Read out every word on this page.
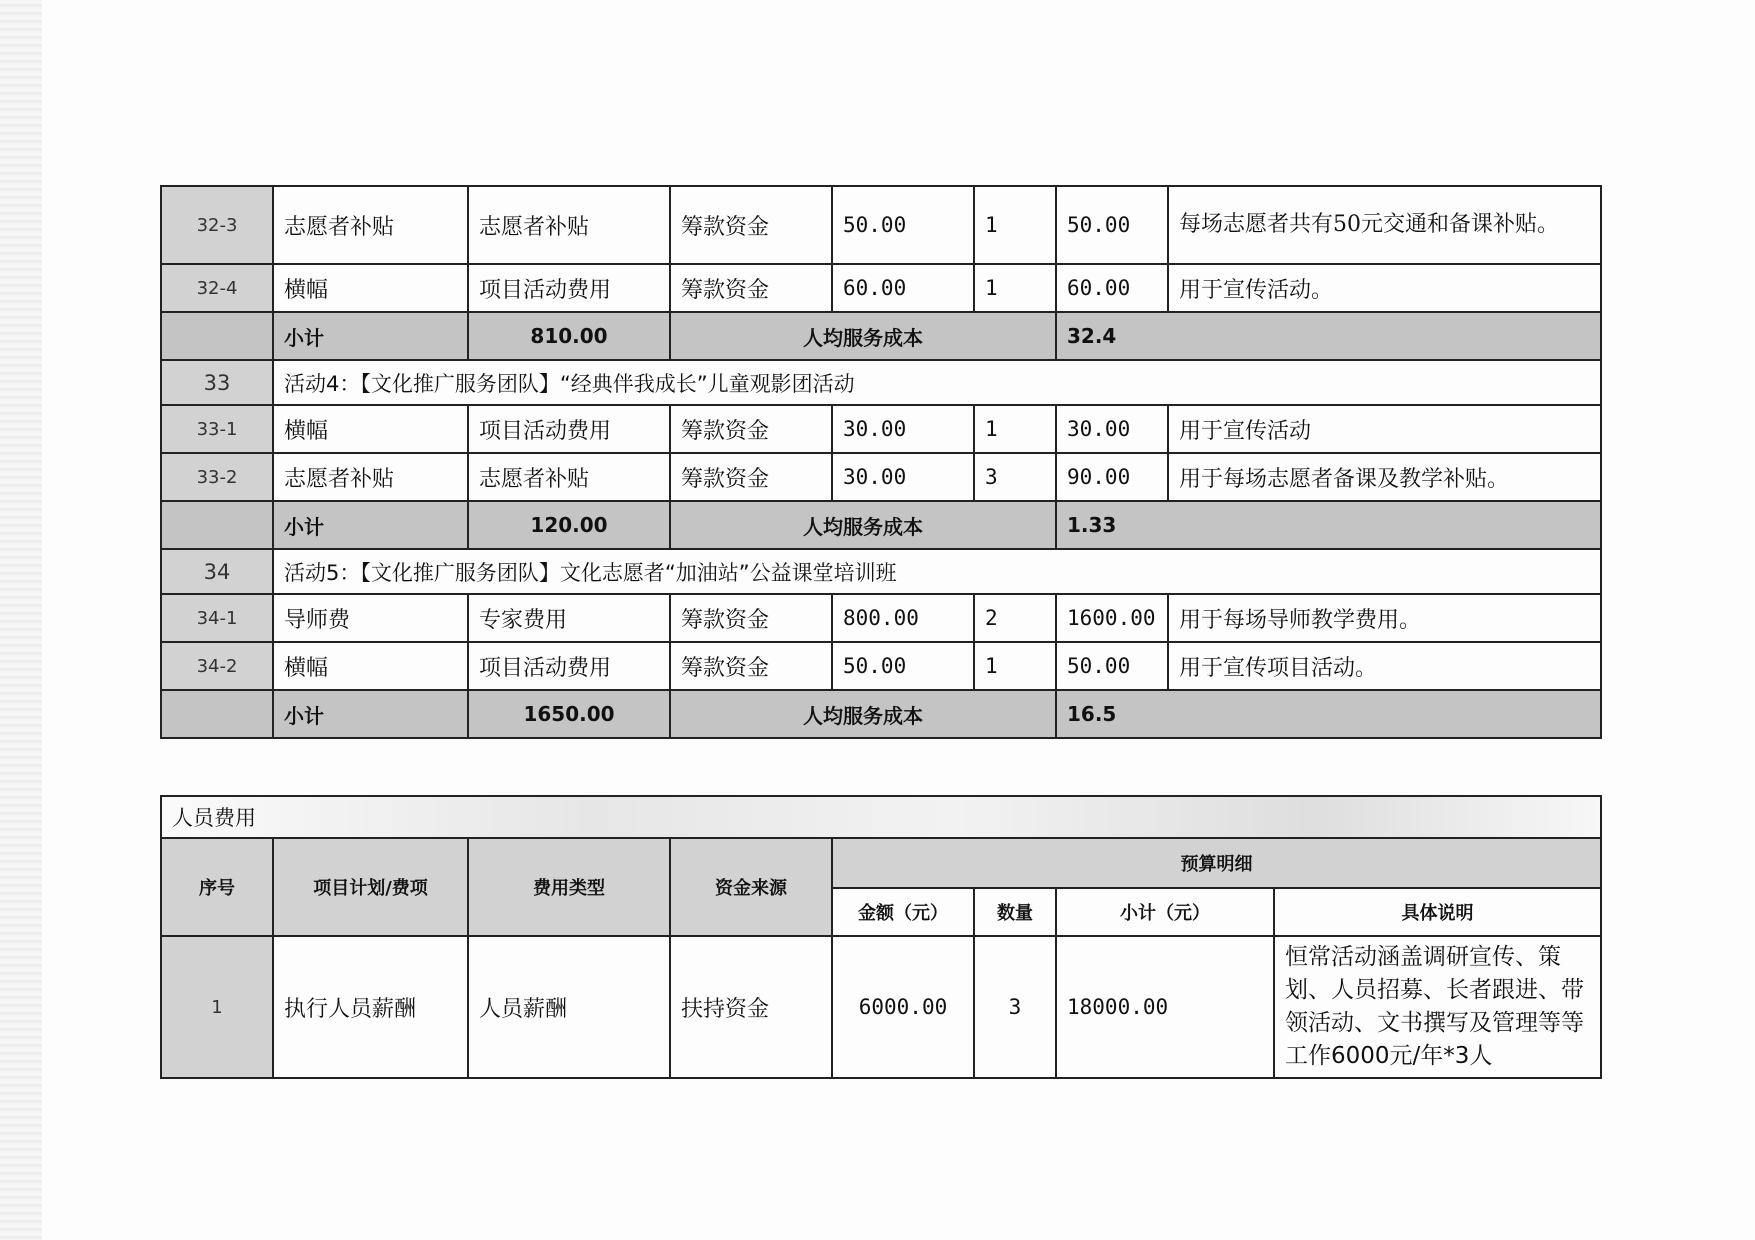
32-3	志愿者补贴	志愿者补贴	筹款资金	50.00	1	50.00	每场志愿者共有50元交通和备课补贴。
32-4	横幅	项目活动费用	筹款资金	60.00	1	60.00	用于宣传活动。
	小计	810.00	人均服务成本			32.4	
33	活动4：【文化推广服务团队】“经典伴我成长”儿童观影团活动						
33-1	横幅	项目活动费用	筹款资金	30.00	1	30.00	用于宣传活动
33-2	志愿者补贴	志愿者补贴	筹款资金	30.00	3	90.00	用于每场志愿者备课及教学补贴。
	小计	120.00	人均服务成本			1.33	
34	活动5：【文化推广服务团队】文化志愿者“加油站”公益课堂培训班						
34-1	导师费	专家费用	筹款资金	800.00	2	1600.00	用于每场导师教学费用。
34-2	横幅	项目活动费用	筹款资金	50.00	1	50.00	用于宣传项目活动。
	小计	1650.00	人均服务成本			16.5	
人员费用							
序号	项目计划/费项	费用类型	资金来源	预算明细			
				金额（元）	数量	小计（元）	具体说明
1	执行人员薪酬	人员薪酬	扶持资金	6000.00	3	18000.00	恒常活动涵盖调研宣传、策划、人员招募、长者跟进、带领活动、文书撰写及管理等等工作6000元/年*3人
